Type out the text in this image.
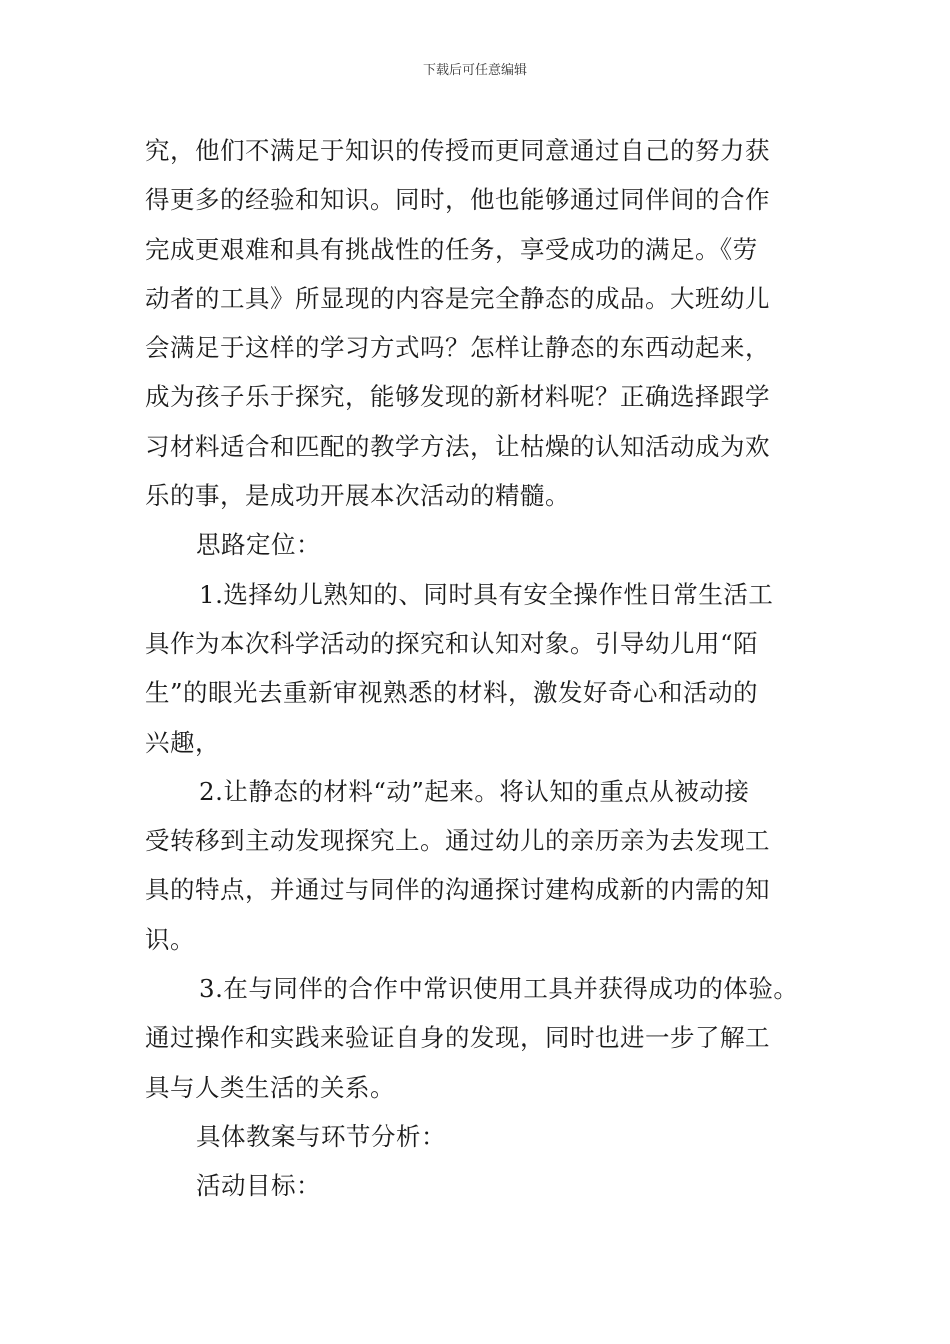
下载后可任意编辑
究，他们不满足于知识的传授而更同意通过自己的努力获
得更多的经验和知识。同时，他也能够通过同伴间的合作
完成更艰难和具有挑战性的任务，享受成功的满足。《劳
动者的工具》所显现的内容是完全静态的成品。大班幼儿
会满足于这样的学习方式吗？怎样让静态的东西动起来，
成为孩子乐于探究，能够发现的新材料呢？正确选择跟学
习材料适合和匹配的教学方法，让枯燥的认知活动成为欢
乐的事，是成功开展本次活动的精髓。
思路定位：
1.选择幼儿熟知的、同时具有安全操作性日常生活工
具作为本次科学活动的探究和认知对象。引导幼儿用“陌
生”的眼光去重新审视熟悉的材料，激发好奇心和活动的
兴趣，
2.让静态的材料“动”起来。将认知的重点从被动接
受转移到主动发现探究上。通过幼儿的亲历亲为去发现工
具的特点，并通过与同伴的沟通探讨建构成新的内需的知
识。
3.在与同伴的合作中常识使用工具并获得成功的体验。
通过操作和实践来验证自身的发现，同时也进一步了解工
具与人类生活的关系。
具体教案与环节分析：
活动目标：
